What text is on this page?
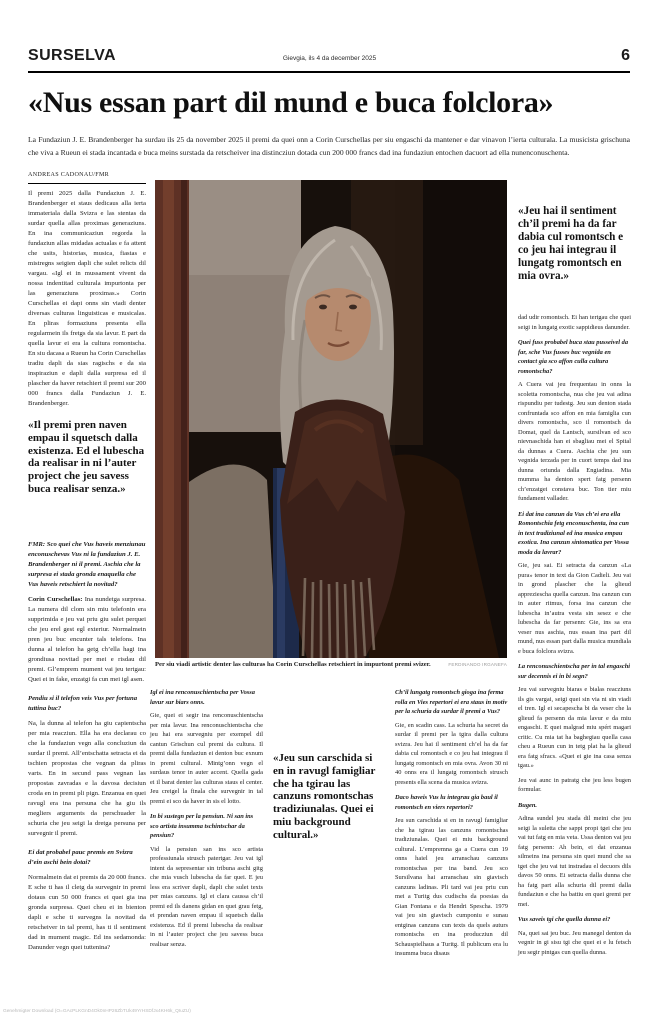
SURSELVA	Gievgia, ils 4 da december 2025	6
«Nus essan part dil mund e buca folclora»

La Fundaziun J. E. Brandenberger ha surdau ils 25 da november 2025 il premi da quei onn a Corin Curschellas per siu engaschi da mantener e dar vinavon l’ierta culturala. La musicista grischuna che viva a Rueun ei stada incantada e buca meins surstada da retscheiver ina distincziun dotada cun 200 000 francs dad ina fundaziun entochen dacuort ad ella nunenconuschenta.

ANDREAS CADONAU/FMR

Il premi 2025 dalla Fundaziun J. E. Brandenberger ei staus dedicaus alla ierta immateriala dalla Svizra e las stentas da surdar quella allas proximas generaziuns. En ina communicaziun regorda la fundaziun allas midadas actualas e fa attent che usits, historias, musica, fiastas e mistregns seigien dapli che sulet relicts dil vargau. «Igl ei in mussament vivent da nossa indentitad culturala impurtonta per las generaziuns proximas.» Corin Curschellas ei dapi onns sin viadi denter diversas culturas linguisticas e musicalas. En pliras formaziuns presenta ella regularmein ils fretgs da sia lavur. E part da quella lavur ei era la cultura romontscha. En siu dacasa a Rueun ha Corin Curschellas tradiu dapli da sias ragischs e da sia inspiraziun e dapli dalla surpresa ed il plascher da haver retschiert il premi sur 200 000 francs dalla Fundaziun J. E. Brandenberger.

«Il premi pren naven empau il squetsch dalla existenza. Ed el lubescha da realisar in ni l’auter project che jeu savess buca realisar senza.»

FMR: Sco quei che Vus haveis menziunau enconuschevas Vus ni la fundaziun J. E. Brandenberger ni il premi. Aschia che la surpresa ei stada gronda enaquella che Vus haveis retschiert la novitad?

Corin Curschellas: Ina nundetga surpresa. La numera dil clom sin miu telefonin era supprimida e jeu vai priu giu sulet perquei che jeu erel gest egl exteriur. Normalmein pren jeu buc encunter tals telefons. Ina dunna al telefon ha getg ch’ella hagi ina grondiusa novitad per mei e risdau dil premi. Gl’emprem mument vai jeu tertgau: Quei ei in fake, enzatgi fa cun mei igl asen.

Pendiu si il telefon veis Vus per fortuna tuttina buc?

Na, la dunna al telefon ha giu capientscha per mia reacziun. Ella ha era declarau co che la fundaziun vegn alla concluziun da surdar il premi. All’entschatta setracta ei da tschien propostas che vegnan da pliras varts. En in secund pass vegnan las propostas zavradas e la davosa decisiun croda en in premi pli pign. Enzanua en quei ravugl era ina persuna che ha giu ils megliers arguments da perschuader la schuria che jeu seigi la dretga persuna per survegnir il premi.

Ei dat probabel pauc premis en Svizra d’ein aschi bein dotai?

Normalmein dat ei premis da 20 000 francs. E sche ti has il cletg da survegnir in premi dotaus cun 50 000 francs ei quei gia ina gronda surpresa. Quei cheu ei in bienton dapli e sche ti survegns la novitad da retscheiver in tal premi, has ti il sentiment dad in mument magic. Ed ins sedamonda: Danunder vegn quei tuttenina?

Per siu viadi artistic denter las culturas ha Corin Curschellas retschiert in impurtont premi svizer.	FERDINANDO IRGANEFA

Igl ei ina renconuschientscha per Vossa lavur sur biars onns.

Gie, quei ei segir ina renconuschientscha per mia lavur. Ina renconuschientscha che jeu hai era survegniu per exempel dil cantun Grischun cul premi da cultura. Il premi dalla fundaziun ei denton buc exnum in premi cultural. Mintg’onn vegn el surdaus tenor in auter accent. Quella gada ei il barat denter las culturas staus el center. Jeu creigel la finala che survegnir in tal premi ei sco da haver in sis el lotto.

In bi sustegn per la pensiun. Ni san ins sco artista insumma tschintschar da pensiun?

Vid la pensiun san ins sco artista professiunala strusch patertgar. Jeu vai igl intent da sepresentar sin tribuna aschi gitg che mia vusch lubescha da far quei. E jeu less era scriver dapli, dapli che sulet texts per mias canzuns. Igl ei clara caussa ch’il premi ed ils danens gidan en quei grau fetg, ei prendan naven empau il squetsch dalla existenza. Ed il premi lubescha da realisar in ni l’auter project che jeu savess buca realisar senza.

«Jeu sun carschida si en in ravugl famigliar che ha tgirau las canzuns romontschas tradiziunalas. Quei ei miu background cultural.»

Ch’il lungatg romontsch gioga ina ferma rolla en Vies repertori ei era staus in motiv per la schuria da surdar il premi a Vus?

Gie, en scadin cass. La schuria ha secret da surdar il premi per la tgira dalla cultura svizra. Jeu hai il sentiment ch’el ha da far dabia cul romontsch e co jeu hai integrau il lungatg romontsch en mia ovra. Avon 30 ni 40 onns era il lungatg romontsch strusch presents ella scena da musica svizra.

Daco haveis Vus lu integrau gia baul il romontsch en viers repertori?

Jeu sun carschida si en in ravugl famigliar che ha tgirau las canzuns romontschas tradiziunalas. Quei ei miu background cultural. L’empremna ga a Cuera cun 19 onns haiel jeu arranschau canzuns romontschas per ina band. Jeu sco Sursilvana hai arranschau sin giavisch canzuns ladinas. Pli tard vai jeu priu cun mei a Turitg dus cudischs da poesias da Gian Fontana e da Hendri Spescha. 1979 vai jeu sin giavisch cumponiu e sunau entginas canzuns cun texts da quels auturs romontschs en ina producziun dil Schauspielhaus a Turitg. Il publicum era lu insumma buca disaus

«Jeu hai il sentiment ch’il premi ha da far dabia cul romontsch e co jeu hai integrau il lungatg romontsch en mia ovra.»

dad udir romontsch. Ei han tertgau che quei seigi in lungatg exotic sappidieus danunder.

Quei fuss probabel buca stau pusseivel da far, sche Vus fusses buc vegnida en contact gia sco affon culla cultura romontscha?

A Cuera vai jeu frequentau in onns la scoletta romontscha, nua che jeu vai adina rispundiu per tudestg. Jeu sun denton stada confruntada sco affon en mia famiglia cun divers romontschs, sco il romontsch da Domat, quel da Lantsch, sursilvan ed sco nievnaschida han ei sbagliau mei el Spital da dunnas a Cuera. Aschia che jeu sun vegnida terzada per in cuort temps dad ina dunna oriunda dalla Engiadina. Mia mumma ha denton spert fatg persenn ch’enzatgei constava buc. Ton tier miu fundament vallader.

Ei dat ina canzun da Vus ch’ei era ella Romontschia fetg enconuschenta, ina cun in text tradiziunal ed ina musica empau exotica. Ina canzun sintomatica per Vossa moda da lavrar?

Gie, jeu sai. Ei setracta da canzun «La pura» tenor in text da Gion Cadieli. Jeu vai in grond plascher che la glieud appreziescha quella canzun. Ina canzun cun in auter ritmus, forsa ina canzun che lubescha in’autra vesta sin sesez e che lubescha da far persenn: Gie, ins sa era veser nus aschia, nus essan ina part dil mund, nus essan part dalla musica mundiala e buca folclora svizra.

La renconuschientscha per in tal engaschi sur decennis ei in bi segn?

Jeu vai survegniu biaras e bialas reacziuns ils gis vargai, seigi quei sin via ni sin viadi el tren. Igl ei secapescha bi da veser che la glieud fa persenn da mia lavur e da miu engaschi. E quei malgrad miu spért magari critic. Cu mia tat ha baghegiau quella casa cheu a Rueun cun in tetg plat ha la glieud era fatg sfracs. «Quei ei gie ina casa senza tgau.»

Jeu vai aunc in patratg che jeu less bugen formular.

Bugen.

Adina sundel jeu stada dil meini che jeu seigi la suletta che sappi propi tgei che jeu vai tut fatg en mia veta. Ussa denton vai jeu fatg persenn: Ah bein, ei dat enzanua silmeins ina persuna sin quei mund che sa tgei che jeu vai tut instradau el decuors dils davos 50 onns. Ei setracta dalla dunna che ha fatg part alla schuria dil premi dalla fundaziun e che ha battiu en quei gremi per mei.

Vus saveis tgi che quella dunna ei?

Na, quei sai jeu buc. Jeu manegel denton da vegnir in gi sisu tgi che quei ei e lu fetsch jeu segir pintgas cun quella dunna.

Genehmigter Download (O=GAcPLKGnD4Ok0nHP26ZbTUk49YrHSDfJx4KH6k_QIuZU)
